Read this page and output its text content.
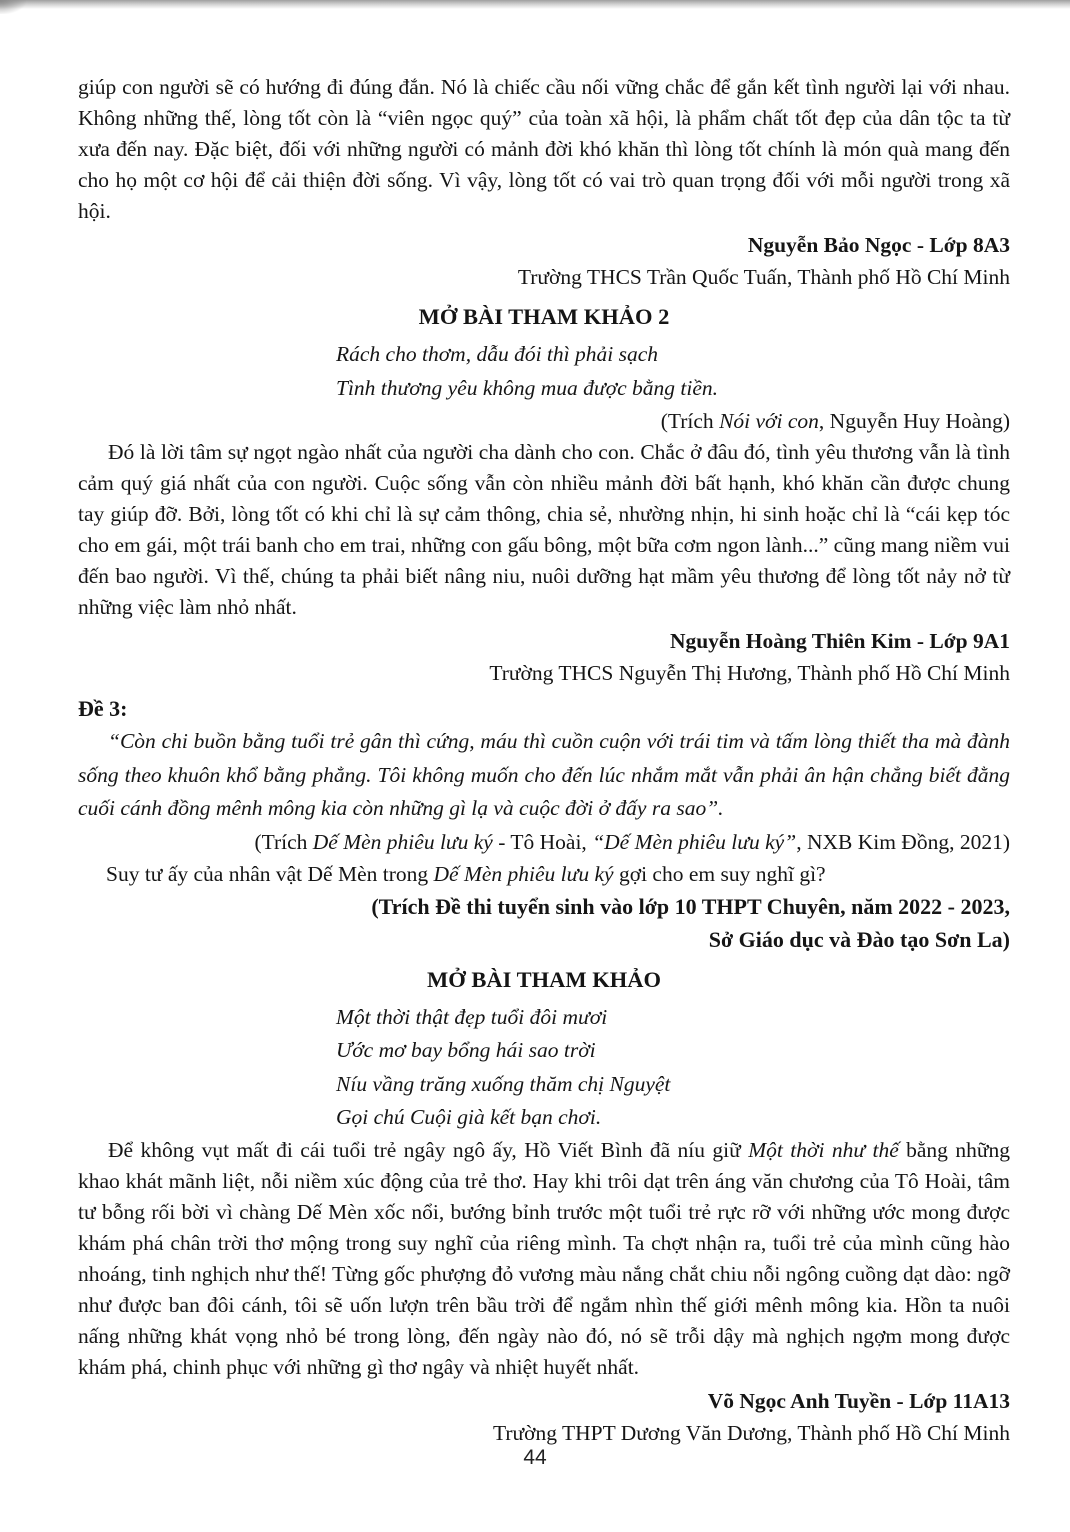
giúp con người sẽ có hướng đi đúng đắn. Nó là chiếc cầu nối vững chắc để gắn kết tình người lại với nhau. Không những thế, lòng tốt còn là “viên ngọc quý” của toàn xã hội, là phẩm chất tốt đẹp của dân tộc ta từ xưa đến nay. Đặc biệt, đối với những người có mảnh đời khó khăn thì lòng tốt chính là món quà mang đến cho họ một cơ hội để cải thiện đời sống. Vì vậy, lòng tốt có vai trò quan trọng đối với mỗi người trong xã hội.

Nguyễn Bảo Ngọc - Lớp 8A3
Trường THCS Trần Quốc Tuấn, Thành phố Hồ Chí Minh
MỞ BÀI THAM KHẢO 2
Rách cho thơm, dẫu đói thì phải sạch
Tình thương yêu không mua được bằng tiền.

(Trích Nói với con, Nguyễn Huy Hoàng)

Đó là lời tâm sự ngọt ngào nhất của người cha dành cho con. Chắc ở đâu đó, tình yêu thương vẫn là tình cảm quý giá nhất của con người. Cuộc sống vẫn còn nhiều mảnh đời bất hạnh, khó khăn cần được chung tay giúp đỡ. Bởi, lòng tốt có khi chỉ là sự cảm thông, chia sẻ, nhường nhịn, hi sinh hoặc chỉ là “cái kẹp tóc cho em gái, một trái banh cho em trai, những con gấu bông, một bữa cơm ngon lành...” cũng mang niềm vui đến bao người. Vì thế, chúng ta phải biết nâng niu, nuôi dưỡng hạt mầm yêu thương để lòng tốt nảy nở từ những việc làm nhỏ nhất.

Nguyễn Hoàng Thiên Kim - Lớp 9A1
Trường THCS Nguyễn Thị Hương, Thành phố Hồ Chí Minh

Đề 3:

“Còn chi buồn bằng tuổi trẻ gân thì cứng, máu thì cuồn cuộn với trái tim và tấm lòng thiết tha mà đành sống theo khuôn khổ bằng phẳng. Tôi không muốn cho đến lúc nhắm mắt vẫn phải ân hận chẳng biết đằng cuối cánh đồng mênh mông kia còn những gì lạ và cuộc đời ở đấy ra sao”.

(Trích Dế Mèn phiêu lưu ký - Tô Hoài, “Dế Mèn phiêu lưu ký”, NXB Kim Đồng, 2021)

Suy tư ấy của nhân vật Dế Mèn trong Dế Mèn phiêu lưu ký gợi cho em suy nghĩ gì?

(Trích Đề thi tuyển sinh vào lớp 10 THPT Chuyên, năm 2022 - 2023,

Sở Giáo dục và Đào tạo Sơn La)

MỞ BÀI THAM KHẢO
Một thời thật đẹp tuổi đôi mươi
Ước mơ bay bổng hái sao trời
Níu vầng trăng xuống thăm chị Nguyệt
Gọi chú Cuội già kết bạn chơi.

Để không vụt mất đi cái tuổi trẻ ngây ngô ấy, Hồ Viết Bình đã níu giữ Một thời như thế bằng những khao khát mãnh liệt, nỗi niềm xúc động của trẻ thơ. Hay khi trôi dạt trên áng văn chương của Tô Hoài, tâm tư bỗng rối bời vì chàng Dế Mèn xốc nổi, bướng bỉnh trước một tuổi trẻ rực rỡ với những ước mong được khám phá chân trời thơ mộng trong suy nghĩ của riêng mình. Ta chợt nhận ra, tuổi trẻ của mình cũng hào nhoáng, tinh nghịch như thế! Từng gốc phượng đỏ vương màu nắng chắt chiu nỗi ngông cuồng dạt dào: ngỡ như được ban đôi cánh, tôi sẽ uốn lượn trên bầu trời để ngắm nhìn thế giới mênh mông kia. Hồn ta nuôi nấng những khát vọng nhỏ bé trong lòng, đến ngày nào đó, nó sẽ trỗi dậy mà nghịch ngợm mong được khám phá, chinh phục với những gì thơ ngây và nhiệt huyết nhất.

Võ Ngọc Anh Tuyền - Lớp 11A13
Trường THPT Dương Văn Dương, Thành phố Hồ Chí Minh
44
